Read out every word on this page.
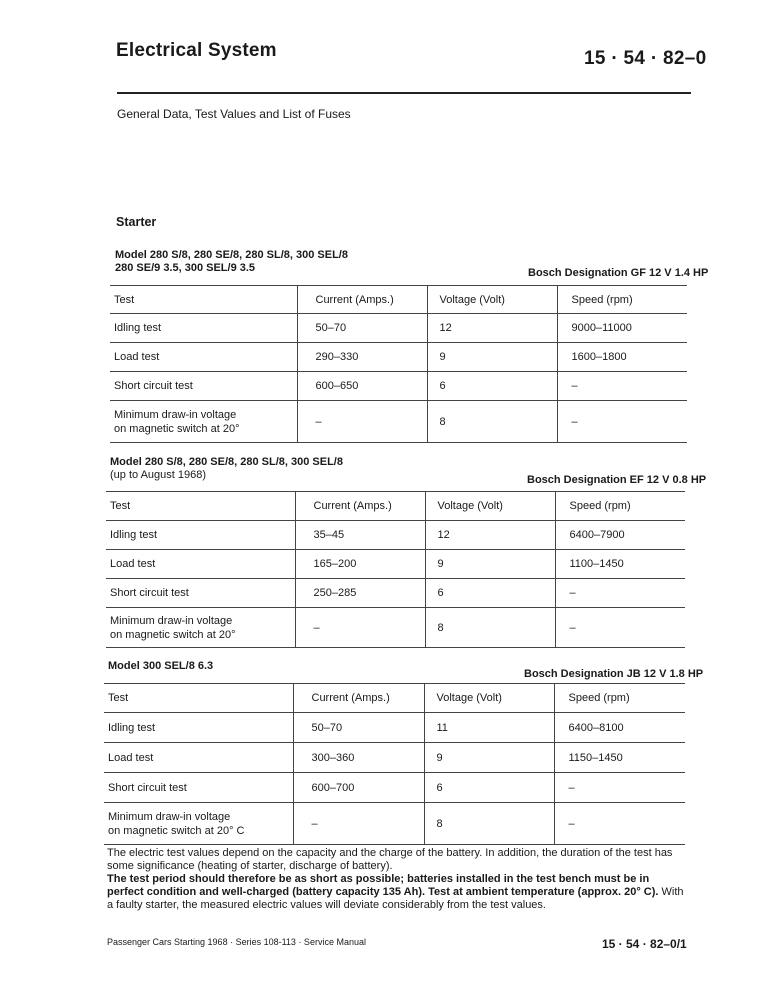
Electrical System	15 · 54 · 82–0
General Data, Test Values and List of Fuses
Starter
Model 280 S/8, 280 SE/8, 280 SL/8, 300 SEL/8
280 SE/9 3.5, 300 SEL/9 3.5	Bosch Designation GF 12 V 1.4 HP
Test	Current (Amps.)	Voltage (Volt)	Speed (rpm)
Idling test	50–70	12	9000–11000
Load test	290–330	9	1600–1800
Short circuit test	600–650	6	–

Minimum draw-in voltage
on magnetic switch at 20°	–	8	–
Model 280 S/8, 280 SE/8, 280 SL/8, 300 SEL/8
(up to August 1968)	Bosch Designation EF 12 V 0.8 HP
Test	Current (Amps.)	Voltage (Volt)	Speed (rpm)
Idling test	35–45	12	6400–7900
Load test	165–200	9	1100–1450
Short circuit test	250–285	6	–

Minimum draw-in voltage
on magnetic switch at 20°	–	8	–
Model 300 SEL/8 6.3
Bosch Designation JB 12 V 1.8 HP
Test	Current (Amps.)	Voltage (Volt)	Speed (rpm)
Idling test	50–70	11	6400–8100
Load test	300–360	9	1150–1450
Short circuit test	600–700	6	–

Minimum draw-in voltage
on magnetic switch at 20° C	–	8	–

The electric test values depend on the capacity and the charge of the battery. In addition, the duration of the test has some significance (heating of starter, discharge of battery).

The test period should therefore be as short as possible; batteries installed in the test bench must be in perfect condition and well-charged (battery capacity 135 Ah). Test at ambient temperature (approx. 20° C). With a faulty starter, the measured electric values will deviate considerably from the test values.

Passenger Cars Starting 1968 · Series 108-113 · Service Manual	15 · 54 · 82–0/1
